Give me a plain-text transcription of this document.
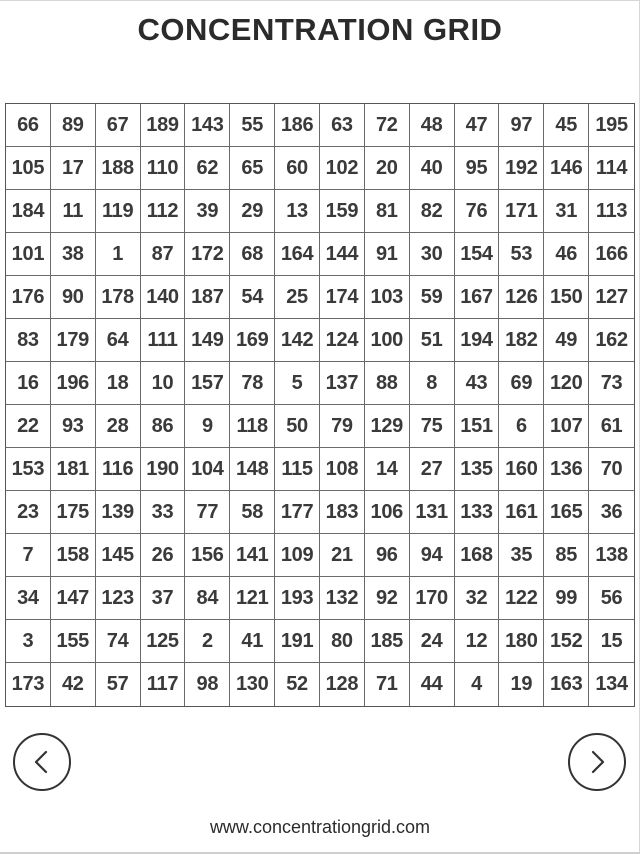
CONCENTRATION GRID
66	89	67 189 143 55 186 63	72	48	47	97	45 195
105 17 188 110 62	65	60 102 20	40	95 192 146 114
184 11 119 112 39	29	13 159 81	82	76 171 31 113
101 38	1	87 172 68 164 144 91	30 154 53	46 166
176 90 178 140 187 54	25 174 103 59 167 126 150 127
83 179 64 111 149 169 142 124 100 51 194 182 49 162
16 196 18	10 157 78	5	137 88	8	43	69 120 73
22	93	28	86	9	118 50	79 129 75 151	6	107 61
153 181 116 190 104 148 115 108 14	27 135 160 136 70
23 175 139 33	77	58 177 183 106 131 133 161 165 36
7	158 145 26 156 141 109 21	96	94 168 35	85 138
34 147 123 37	84 121 193 132 92 170 32 122 99	56
3	155 74 125	2	41 191 80 185 24	12 180 152 15
173 42	57 117 98 130 52 128 71	44	4	19 163 134
www.concentrationgrid.com
